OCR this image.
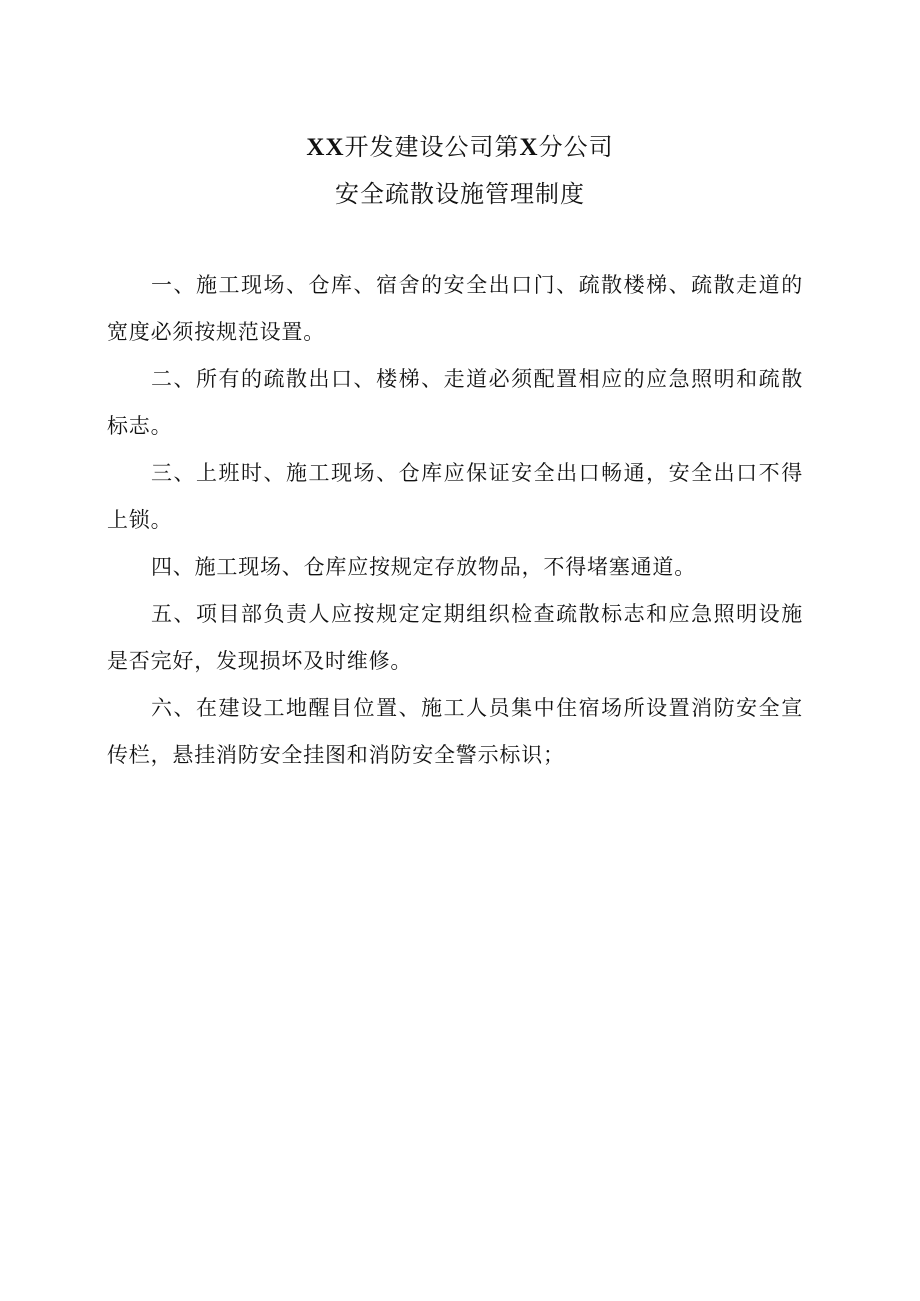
XX开发建设公司第X分公司
安全疏散设施管理制度

一、施工现场、仓库、宿舍的安全出口门、疏散楼梯、疏散走道的宽度必须按规范设置。

二、所有的疏散出口、楼梯、走道必须配置相应的应急照明和疏散标志。

三、上班时、施工现场、仓库应保证安全出口畅通，安全出口不得上锁。

四、施工现场、仓库应按规定存放物品，不得堵塞通道。

五、项目部负责人应按规定定期组织检查疏散标志和应急照明设施是否完好，发现损坏及时维修。

六、在建设工地醒目位置、施工人员集中住宿场所设置消防安全宣传栏，悬挂消防安全挂图和消防安全警示标识；
